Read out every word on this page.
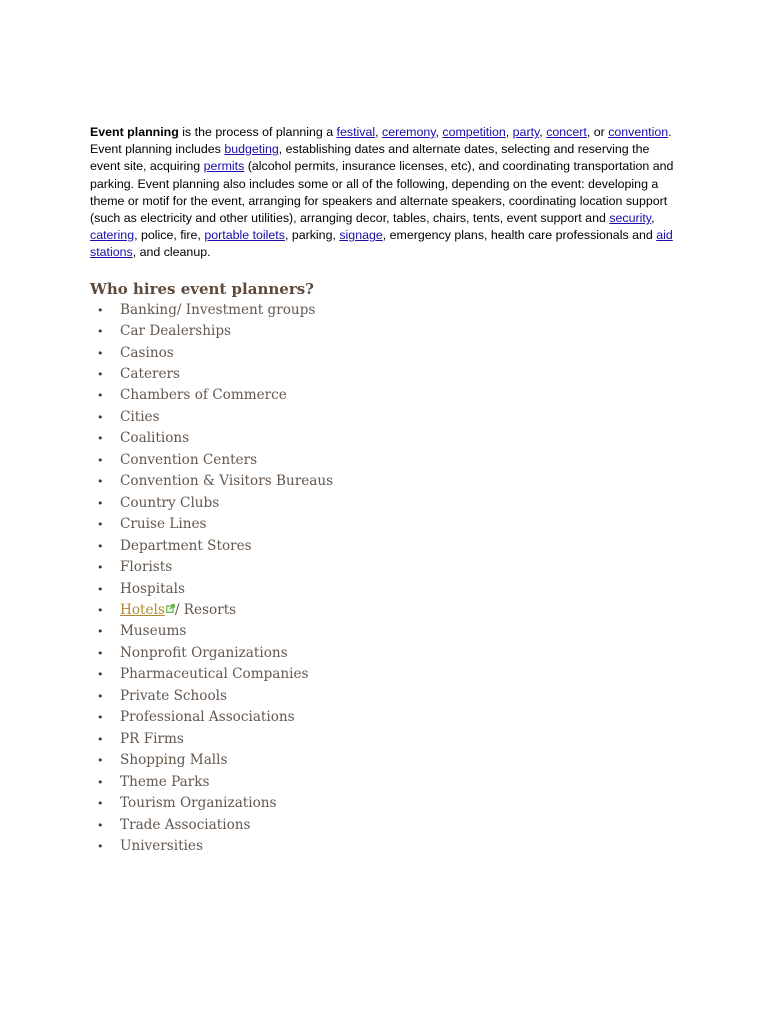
Event planning is the process of planning a festival, ceremony, competition, party, concert, or convention. Event planning includes budgeting, establishing dates and alternate dates, selecting and reserving the event site, acquiring permits (alcohol permits, insurance licenses, etc), and coordinating transportation and parking. Event planning also includes some or all of the following, depending on the event: developing a theme or motif for the event, arranging for speakers and alternate speakers, coordinating location support (such as electricity and other utilities), arranging decor, tables, chairs, tents, event support and security, catering, police, fire, portable toilets, parking, signage, emergency plans, health care professionals and aid stations, and cleanup.

Who hires event planners?
• Banking/ Investment groups
• Car Dealerships
• Casinos
• Caterers
• Chambers of Commerce
• Cities
• Coalitions
• Convention Centers
• Convention & Visitors Bureaus
• Country Clubs
• Cruise Lines
• Department Stores
• Florists
• Hospitals
• Hotels / Resorts
• Museums
• Nonprofit Organizations
• Pharmaceutical Companies
• Private Schools
• Professional Associations
• PR Firms
• Shopping Malls
• Theme Parks
• Tourism Organizations
• Trade Associations
• Universities
